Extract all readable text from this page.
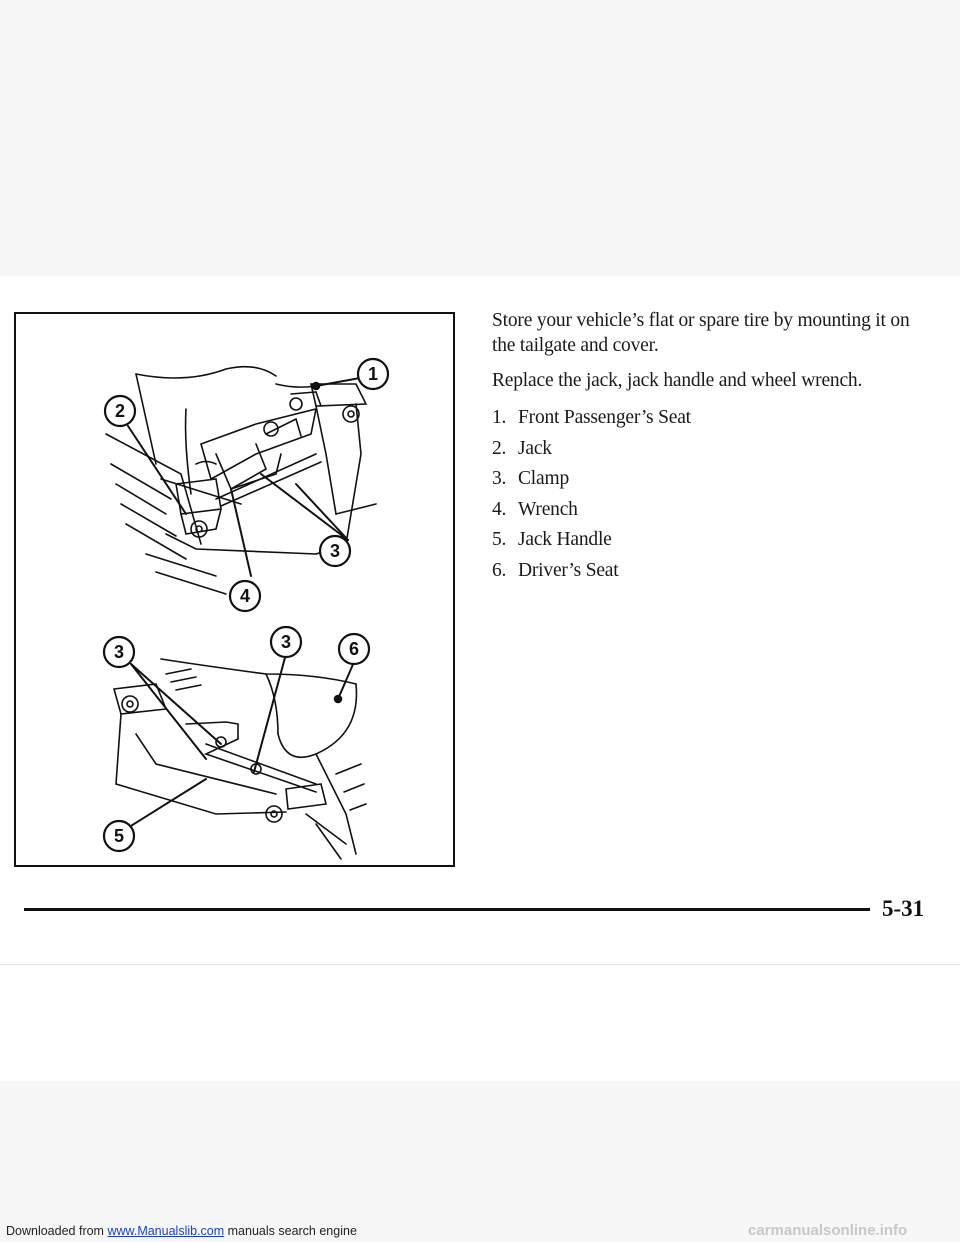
1
2
3
4
3	3	6
5

Store your vehicle’s flat or spare tire by mounting it on the tailgate and cover.

Replace the jack, jack handle and wheel wrench.

1. Front Passenger’s Seat
2. Jack
3. Clamp
4. Wrench
5. Jack Handle
6. Driver’s Seat
5-31
Downloaded from www.Manualslib.com manuals search engine	carmanualsonline.info
